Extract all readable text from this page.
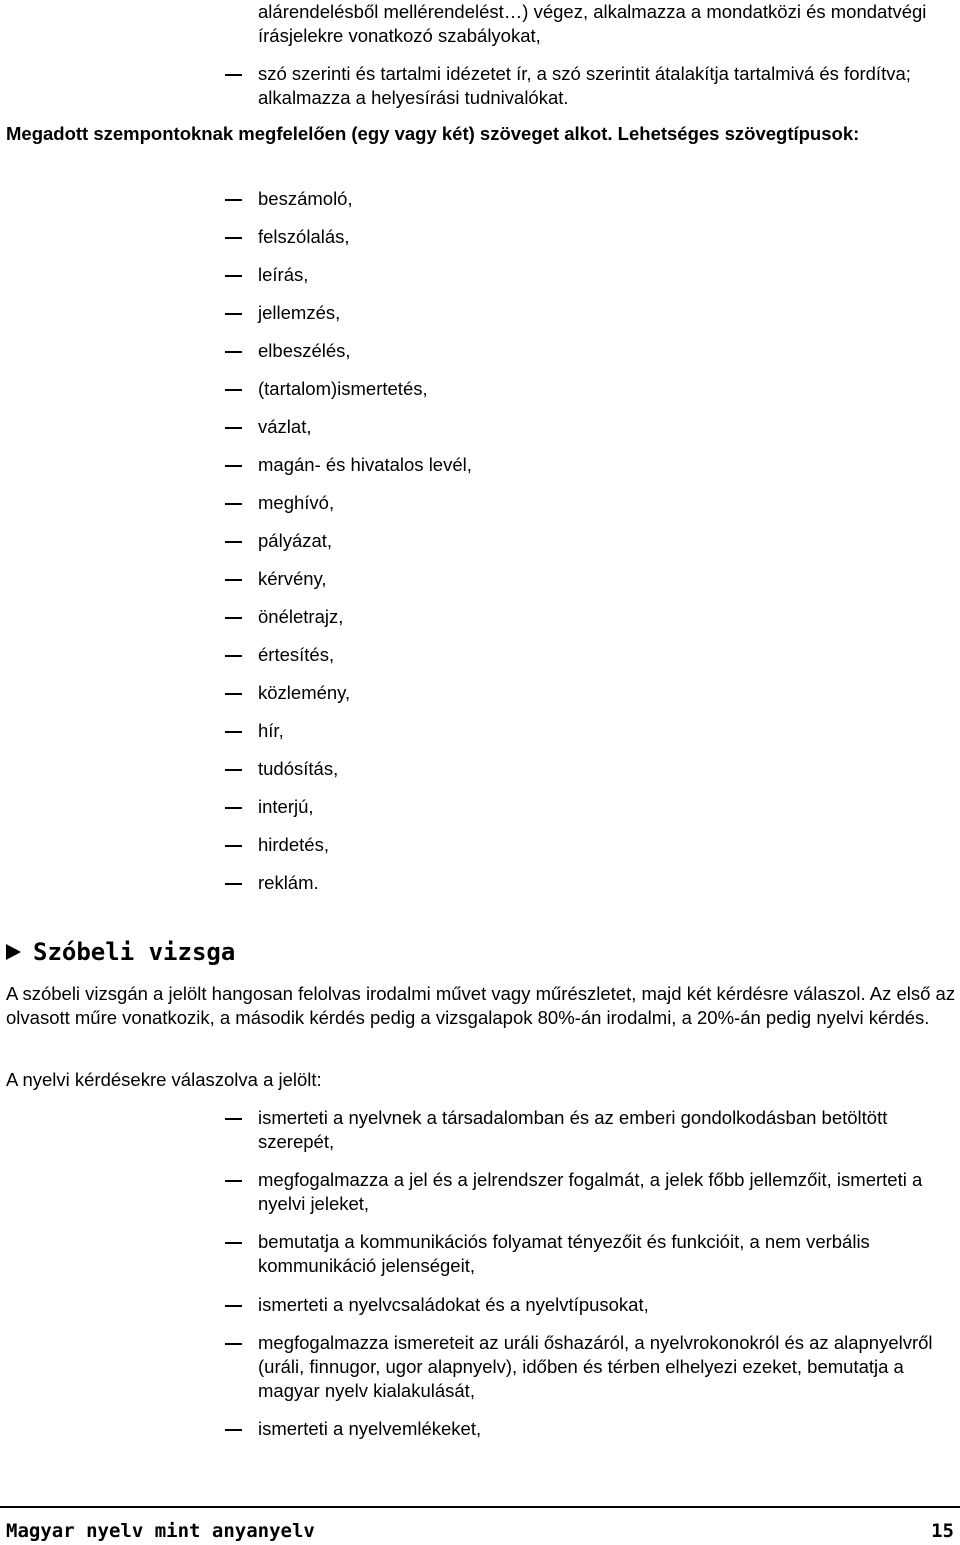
alárendelésből mellérendelést…) végez, alkalmazza a mondatközi és mondatvégi írásjelekre vonatkozó szabályokat,
szó szerinti és tartalmi idézetet ír, a szó szerintit átalakítja tartalmivá és fordítva; alkalmazza a helyesírási tudnivalókat.
Megadott szempontoknak megfelelően (egy vagy két) szöveget alkot. Lehetséges szövegtípusok:
beszámoló,
felszólalás,
leírás,
jellemzés,
elbeszélés,
(tartalom)ismertetés,
vázlat,
magán- és hivatalos levél,
meghívó,
pályázat,
kérvény,
önéletrajz,
értesítés,
közlemény,
hír,
tudósítás,
interjú,
hirdetés,
reklám.
Szóbeli vizsga
A szóbeli vizsgán a jelölt hangosan felolvas irodalmi művet vagy műrészletet, majd két kérdésre válaszol. Az első az olvasott műre vonatkozik, a második kérdés pedig a vizsgalapok 80%-án irodalmi, a 20%-án pedig nyelvi kérdés.
A nyelvi kérdésekre válaszolva a jelölt:
ismerteti a nyelvnek a társadalomban és az emberi gondolkodásban betöltött szerepét,
megfogalmazza a jel és a jelrendszer fogalmát, a jelek főbb jellemzőit, ismerteti a nyelvi jeleket,
bemutatja a kommunikációs folyamat tényezőit és funkcióit, a nem verbális kommunikáció jelenségeit,
ismerteti a nyelvcsaládokat és a nyelvtípusokat,
megfogalmazza ismereteit az uráli őshazáról, a nyelvrokonokról és az alapnyelvről (uráli, finnugor, ugor alapnyelv), időben és térben elhelyezi ezeket, bemutatja a magyar nyelv kialakulását,
ismerteti a nyelvemlékeket,
Magyar nyelv mint anyanyelv	15
